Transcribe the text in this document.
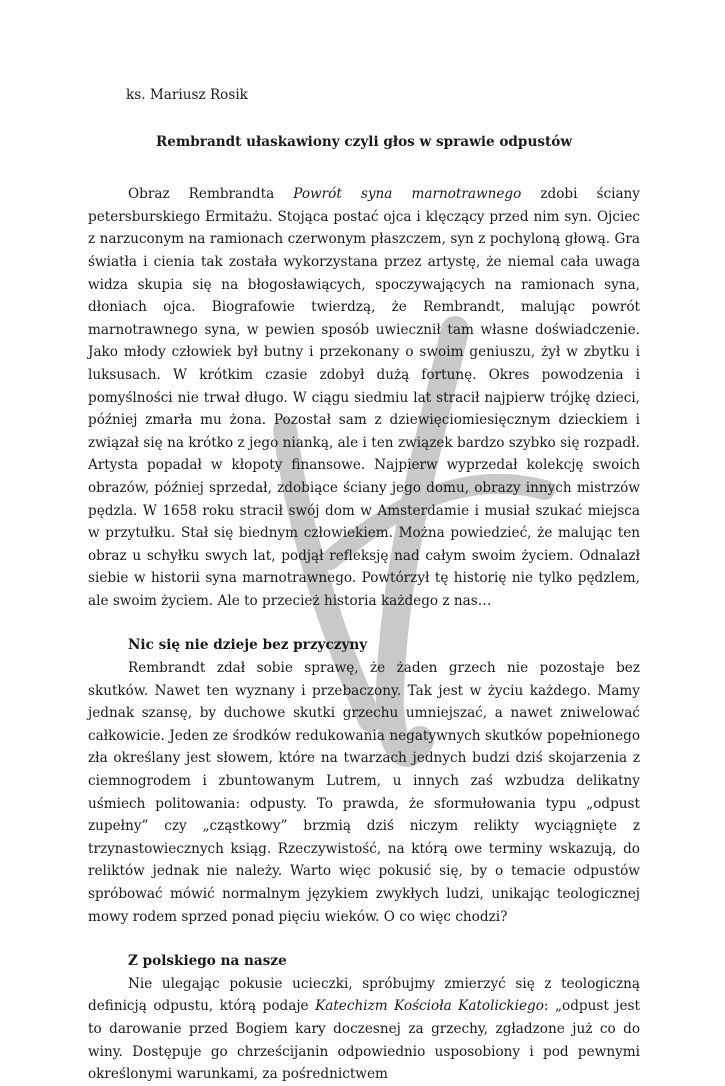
ks. Mariusz Rosik

Rembrandt ułaskawiony czyli głos w sprawie odpustów

Obraz Rembrandta Powrót syna marnotrawnego zdobi ściany petersburskiego Ermitażu. Stojąca postać ojca i klęczący przed nim syn. Ojciec z narzuconym na ramionach czerwonym płaszczem, syn z pochyloną głową. Gra światła i cienia tak została wykorzystana przez artystę, że niemal cała uwaga widza skupia się na błogosławiących, spoczywających na ramionach syna, dłoniach ojca. Biografowie twierdzą, że Rembrandt, malując powrót marnotrawnego syna, w pewien sposób uwiecznił tam własne doświadczenie. Jako młody człowiek był butny i przekonany o swoim geniuszu, żył w zbytku i luksusach. W krótkim czasie zdobył dużą fortunę. Okres powodzenia i pomyślności nie trwał długo. W ciągu siedmiu lat stracił najpierw trójkę dzieci, później zmarła mu żona. Pozostał sam z dziewięciomiesięcznym dzieckiem i związał się na krótko z jego nianką, ale i ten związek bardzo szybko się rozpadł. Artysta popadał w kłopoty finansowe. Najpierw wyprzedał kolekcję swoich obrazów, później sprzedał, zdobiące ściany jego domu, obrazy innych mistrzów pędzla. W 1658 roku stracił swój dom w Amsterdamie i musiał szukać miejsca w przytułku. Stał się biednym człowiekiem. Można powiedzieć, że malując ten obraz u schyłku swych lat, podjął refleksję nad całym swoim życiem. Odnalazł siebie w historii syna marnotrawnego. Powtórzył tę historię nie tylko pędzlem, ale swoim życiem. Ale to przecież historia każdego z nas…

Nic się nie dzieje bez przyczyny

Rembrandt zdał sobie sprawę, że żaden grzech nie pozostaje bez skutków. Nawet ten wyznany i przebaczony. Tak jest w życiu każdego. Mamy jednak szansę, by duchowe skutki grzechu umniejszać, a nawet zniwelować całkowicie. Jeden ze środków redukowania negatywnych skutków popełnionego zła określany jest słowem, które na twarzach jednych budzi dziś skojarzenia z ciemnogrodem i zbuntowanym Lutrem, u innych zaś wzbudza delikatny uśmiech politowania: odpusty. To prawda, że sformułowania typu „odpust zupełny” czy „cząstkowy” brzmią dziś niczym relikty wyciągnięte z trzynastowiecznych ksiąg. Rzeczywistość, na którą owe terminy wskazują, do reliktów jednak nie należy. Warto więc pokusić się, by o temacie odpustów spróbować mówić normalnym językiem zwykłych ludzi, unikając teologicznej mowy rodem sprzed ponad pięciu wieków. O co więc chodzi?

Z polskiego na nasze

Nie ulegając pokusie ucieczki, spróbujmy zmierzyć się z teologiczną definicją odpustu, którą podaje Katechizm Kościoła Katolickiego: „odpust jest to darowanie przed Bogiem kary doczesnej za grzechy, zgładzone już co do winy. Dostępuje go chrześcijanin odpowiednio usposobiony i pod pewnymi określonymi warunkami, za pośrednictwem
